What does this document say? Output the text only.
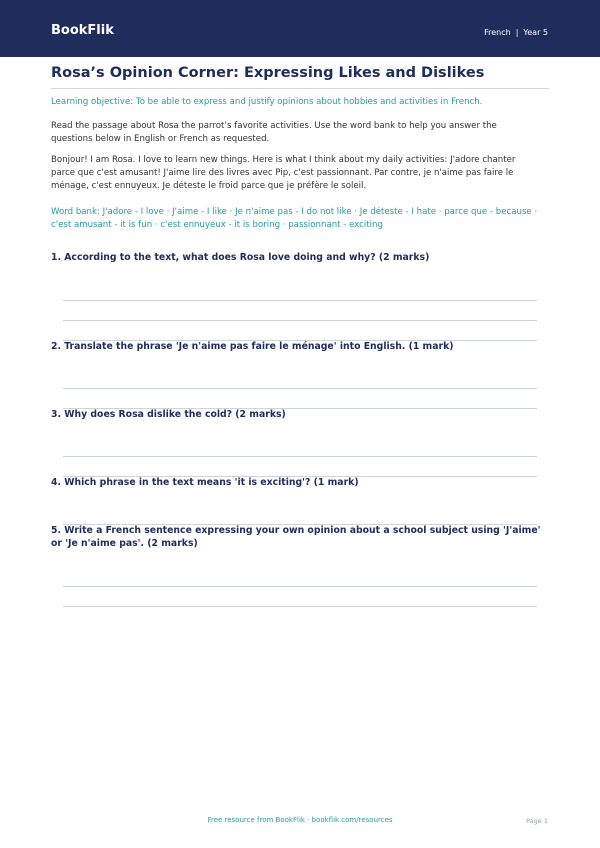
BookFlik	French | Year 5
Rosa’s Opinion Corner: Expressing Likes and Dislikes

Learning objective: To be able to express and justify opinions about hobbies and activities in French.

Read the passage about Rosa the parrot’s favorite activities. Use the word bank to help you answer the questions below in English or French as requested.

Bonjour! I am Rosa. I love to learn new things. Here is what I think about my daily activities: J'adore chanter parce que c'est amusant! J'aime lire des livres avec Pip, c'est passionnant. Par contre, je n'aime pas faire le ménage, c'est ennuyeux. Je déteste le froid parce que je préfère le soleil.

Word bank: J'adore - I love · J'aime - I like · Je n'aime pas - I do not like · Je déteste - I hate · parce que - because · c'est amusant - it is fun · c'est ennuyeux - it is boring · passionnant - exciting

1. According to the text, what does Rosa love doing and why? (2 marks)

2. Translate the phrase 'Je n'aime pas faire le ménage' into English. (1 mark)

3. Why does Rosa dislike the cold? (2 marks)

4. Which phrase in the text means 'it is exciting'? (1 mark)

5. Write a French sentence expressing your own opinion about a school subject using 'J'aime' or 'Je n'aime pas'. (2 marks)

Free resource from BookFlik · bookflik.com/resources	Page 1
